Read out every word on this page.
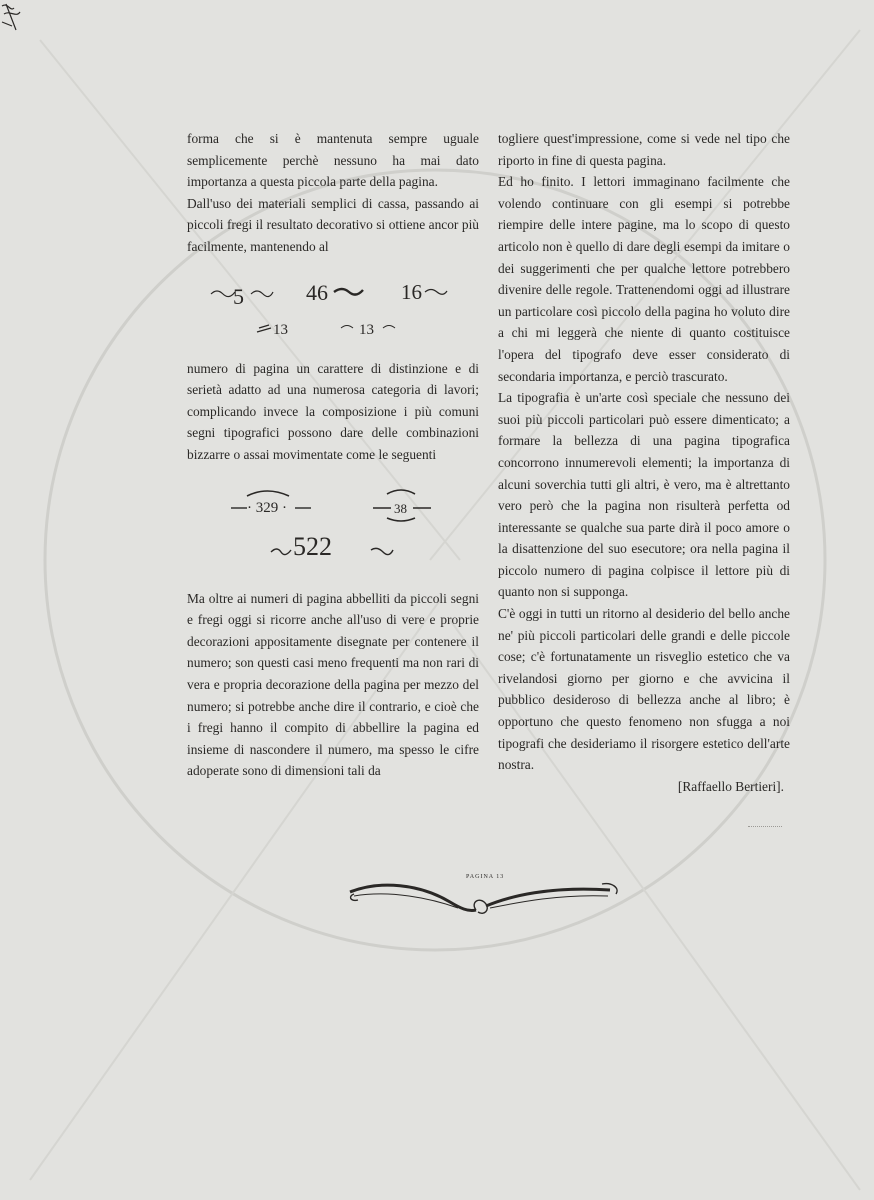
forma che si è mantenuta sempre uguale semplicemente perchè nessuno ha mai dato importanza a questa piccola parte della pagina.

Dall'uso dei materiali semplici di cassa, passando ai piccoli fregi il resultato decorativo si ottiene ancor più facilmente, mantenendo al

5	46	16
13	13

numero di pagina un carattere di distinzione e di serietà adatto ad una numerosa categoria di lavori; complicando invece la composizione i più comuni segni tipografici possono dare delle combinazioni bizzarre o assai movimentate come le seguenti

· 329 ·	38
522

Ma oltre ai numeri di pagina abbelliti da piccoli segni e fregi oggi si ricorre anche all'uso di vere e proprie decorazioni appositamente disegnate per contenere il numero; son questi casi meno frequenti ma non rari di vera e propria decorazione della pagina per mezzo del numero; si potrebbe anche dire il contrario, e cioè che i fregi hanno il compito di abbellire la pagina ed insieme di nascondere il numero, ma spesso le cifre adoperate sono di dimensioni tali da

togliere quest'impressione, come si vede nel tipo che riporto in fine di questa pagina.

Ed ho finito. I lettori immaginano facilmente che volendo continuare con gli esempi si potrebbe riempire delle intere pagine, ma lo scopo di questo articolo non è quello di dare degli esempi da imitare o dei suggerimenti che per qualche lettore potrebbero divenire delle regole. Trattenendomi oggi ad illustrare un particolare così piccolo della pagina ho voluto dire a chi mi leggerà che niente di quanto costituisce l'opera del tipografo deve esser considerato di secondaria importanza, e perciò trascurato.

La tipografia è un'arte così speciale che nessuno dei suoi più piccoli particolari può essere dimenticato; a formare la bellezza di una pagina tipografica concorrono innumerevoli elementi; la importanza di alcuni soverchia tutti gli altri, è vero, ma è altrettanto vero però che la pagina non risulterà perfetta od interessante se qualche sua parte dirà il poco amore o la disattenzione del suo esecutore; ora nella pagina il piccolo numero di pagina colpisce il lettore più di quanto non si supponga.

C'è oggi in tutti un ritorno al desiderio del bello anche ne' più piccoli particolari delle grandi e delle piccole cose; c'è fortunatamente un risveglio estetico che va rivelandosi giorno per giorno e che avvicina il pubblico desideroso di bellezza anche al libro; è opportuno che questo fenomeno non sfugga a noi tipografi che desideriamo il risorgere estetico dell'arte nostra.

[Raffaello Bertieri].

PAGINA 13
